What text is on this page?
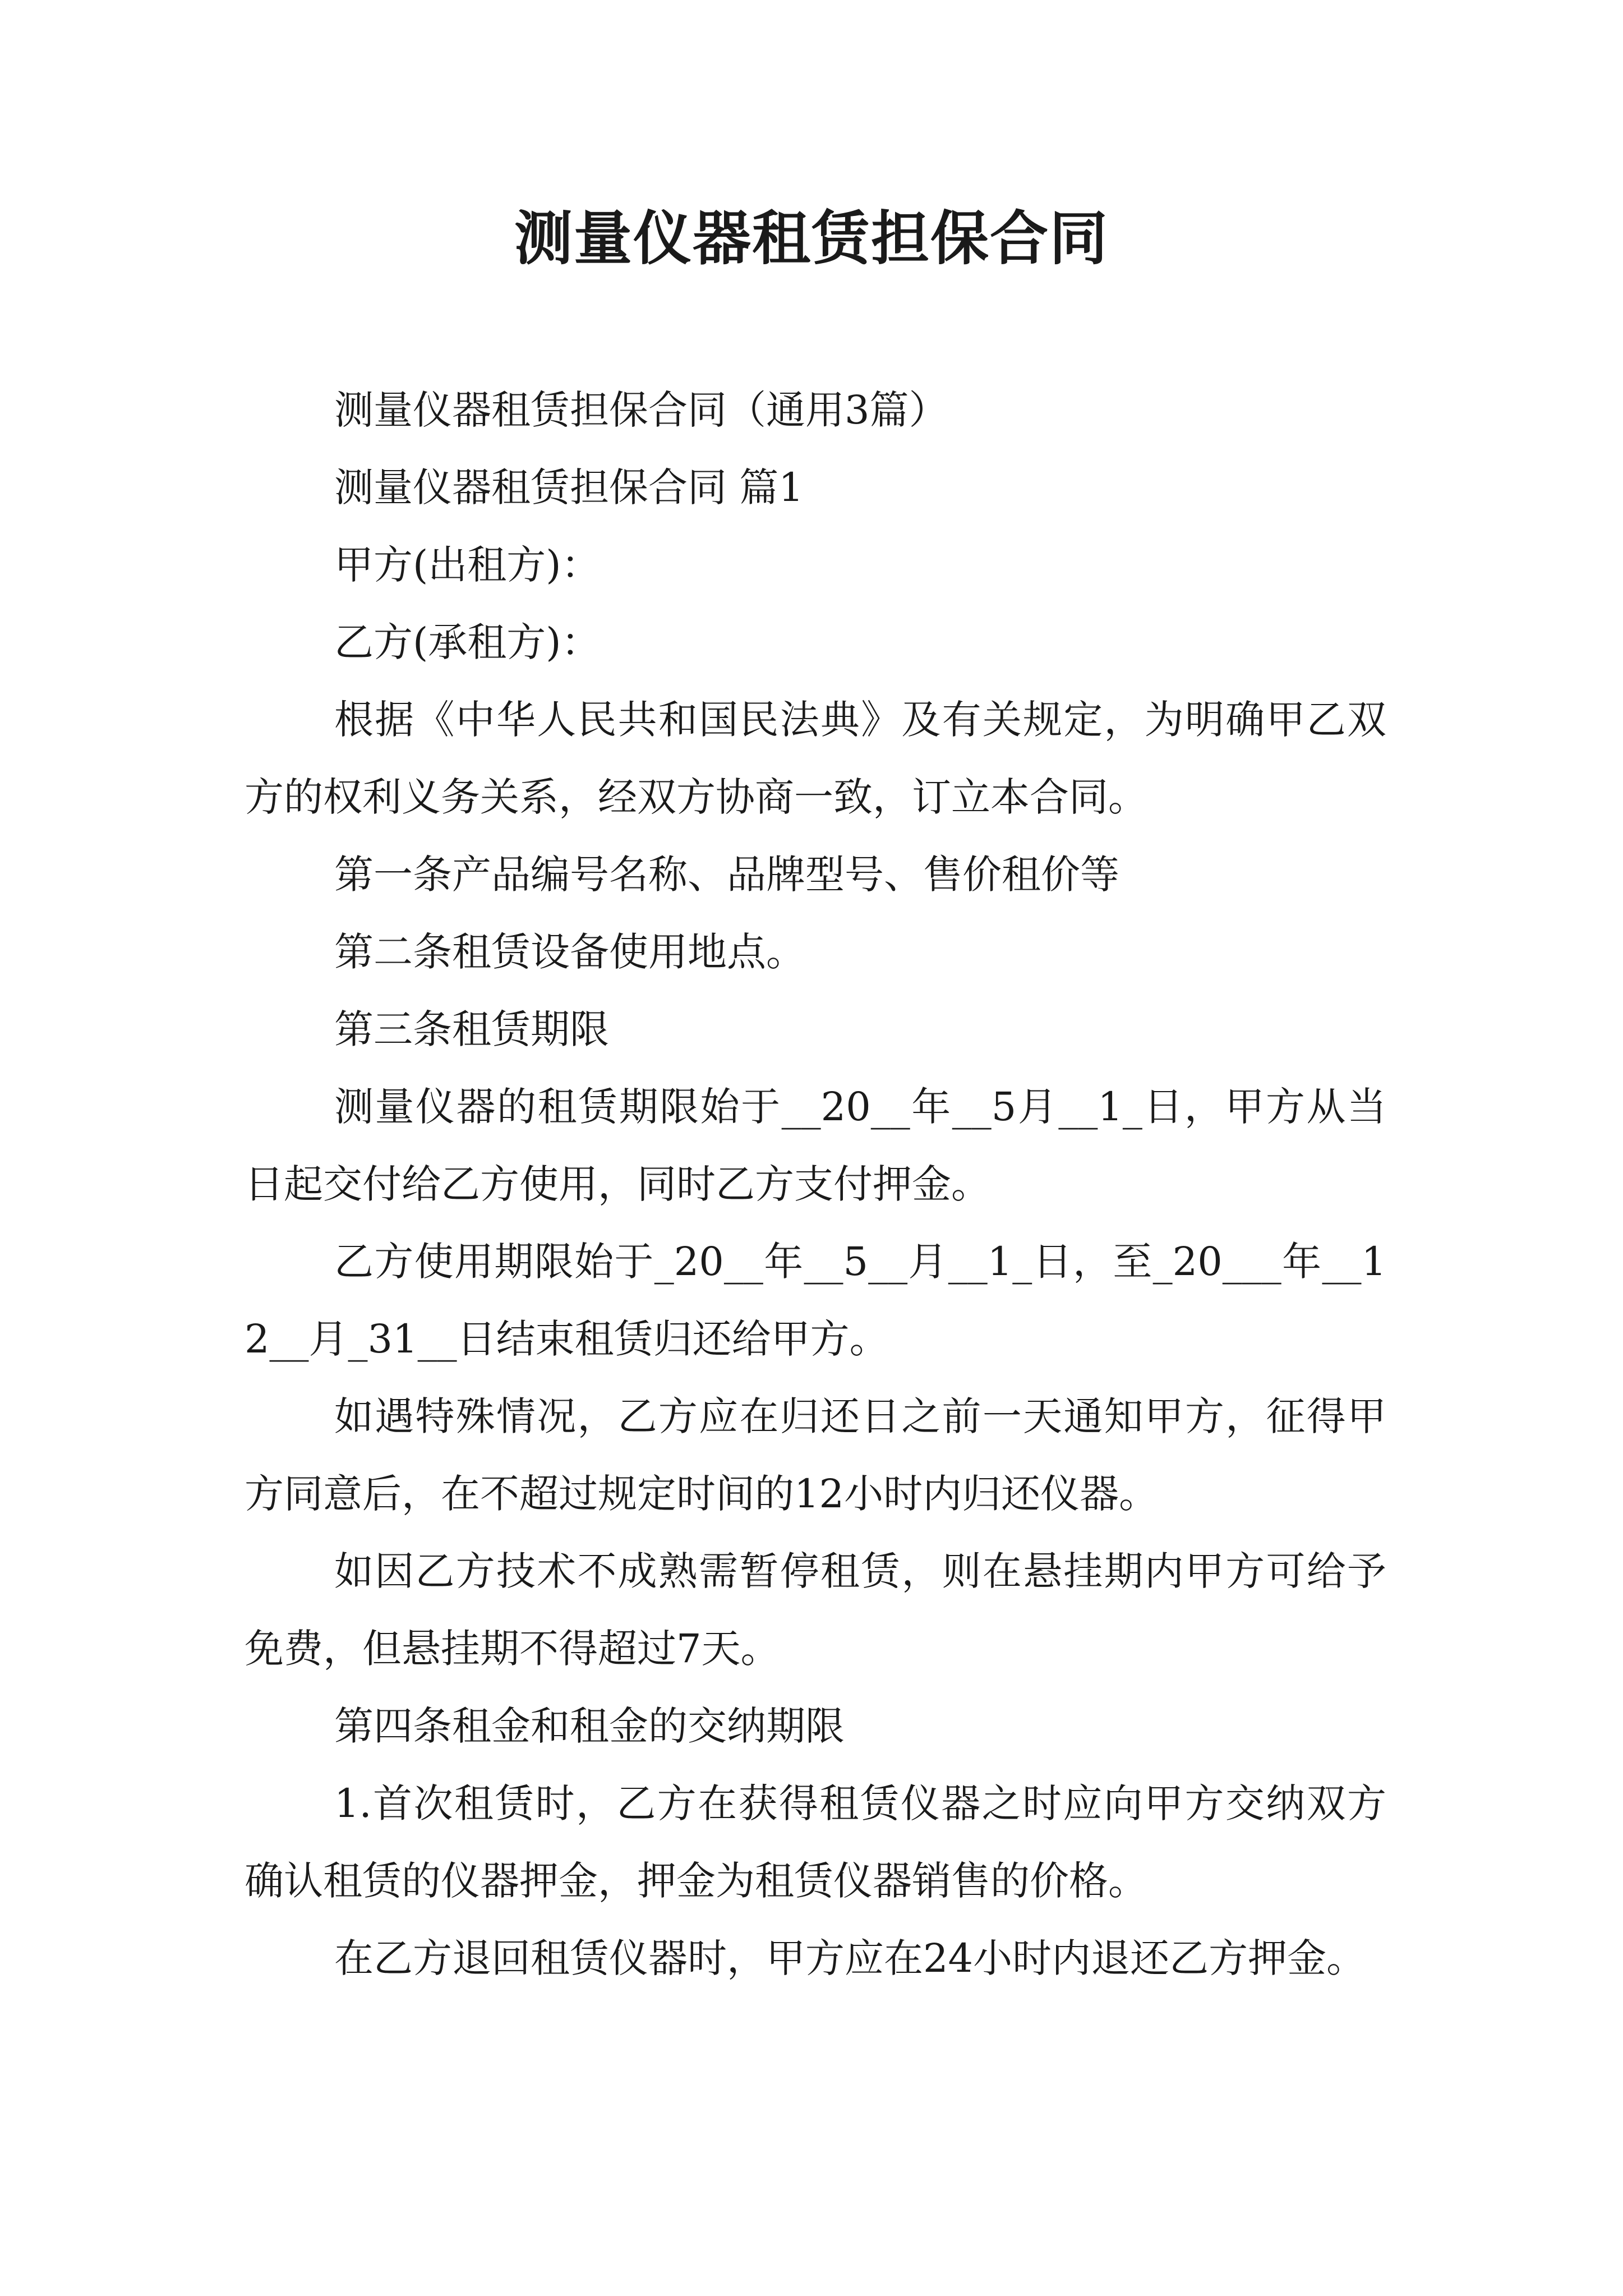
测量仪器租赁担保合同

测量仪器租赁担保合同（通用3篇）

测量仪器租赁担保合同 篇1

甲方(出租方)：

乙方(承租方)：

根据《中华人民共和国民法典》及有关规定，为明确甲乙双方的权利义务关系，经双方协商一致，订立本合同。

第一条产品编号名称、品牌型号、售价租价等

第二条租赁设备使用地点。

第三条租赁期限

测量仪器的租赁期限始于__20__年__5月__1_日，甲方从当日起交付给乙方使用，同时乙方支付押金。

乙方使用期限始于_20__年__5__月__1_日，至_20___年__12__月_31__日结束租赁归还给甲方。

如遇特殊情况，乙方应在归还日之前一天通知甲方，征得甲方同意后，在不超过规定时间的12小时内归还仪器。

如因乙方技术不成熟需暂停租赁，则在悬挂期内甲方可给予免费，但悬挂期不得超过7天。

第四条租金和租金的交纳期限

1.首次租赁时，乙方在获得租赁仪器之时应向甲方交纳双方确认租赁的仪器押金，押金为租赁仪器销售的价格。

在乙方退回租赁仪器时，甲方应在24小时内退还乙方押金。
